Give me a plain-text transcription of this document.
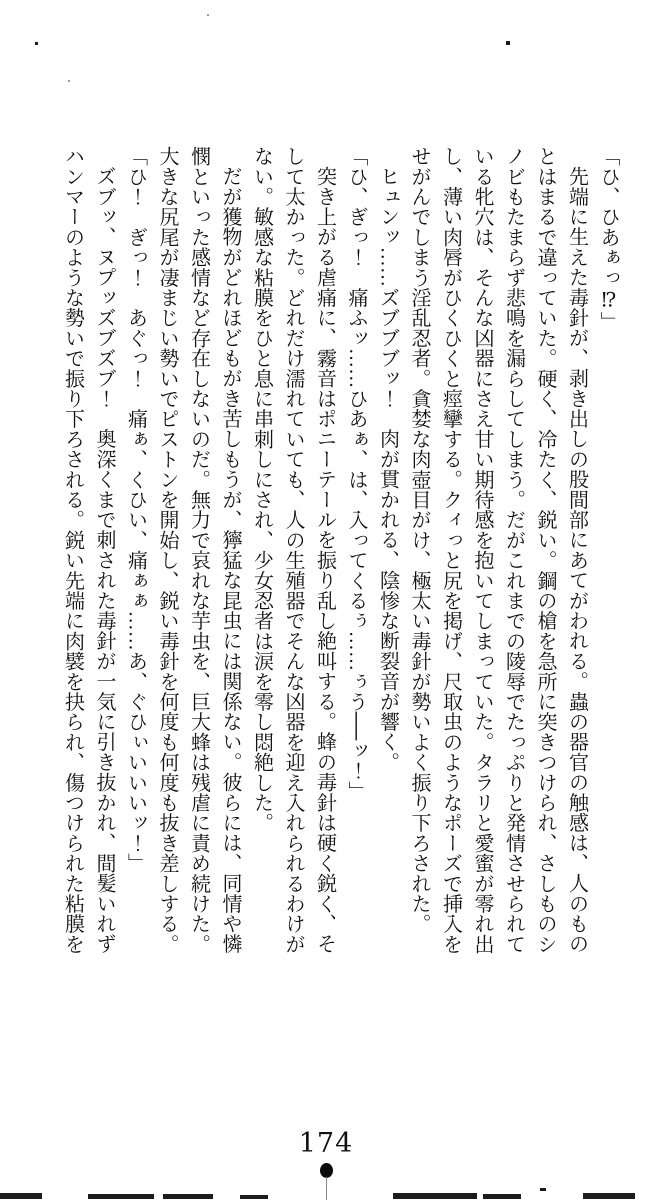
「ひ、ひあぁっ⁉」

先端に生えた毒針が、剥き出しの股間部にあてがわれる。蟲の器官の触感は、人のものとはまるで違っていた。硬く、冷たく、鋭い。鋼の槍を急所に突きつけられ、さしものシノビもたまらず悲鳴を漏らしてしまう。だがこれまでの陵辱でたっぷりと発情させられている牝穴は、そんな凶器にさえ甘い期待感を抱いてしまっていた。タラリと愛蜜が零れ出し、薄い肉唇がひくひくと痙攣する。クィっと尻を掲げ、尺取虫のようなポーズで挿入をせがんでしまう淫乱忍者。貪婪な肉壺目がけ、極太い毒針が勢いよく振り下ろされた。

ヒュンッ……ズブブブッ！　肉が貫かれる、陰惨な断裂音が響く。

「ひ、ぎっ！　痛ふッ……ひあぁ、は、入ってくるぅ……ぅう──ッ！」

突き上がる虐痛に、霧音はポニーテールを振り乱し絶叫する。蜂の毒針は硬く鋭く、そして太かった。どれだけ濡れていても、人の生殖器でそんな凶器を迎え入れられるわけがない。敏感な粘膜をひと息に串刺しにされ、少女忍者は涙を零し悶絶した。

だが獲物がどれほどもがき苦しもうが、獰猛な昆虫には関係ない。彼らには、同情や憐憫といった感情など存在しないのだ。無力で哀れな芋虫を、巨大蜂は残虐に責め続けた。大きな尻尾が凄まじい勢いでピストンを開始し、鋭い毒針を何度も何度も抜き差しする。

「ひ！　ぎっ！　あぐっ！　痛ぁ、くひい、痛ぁぁ……あ、ぐひぃいいいッ！」

ズブッ、ヌプッズブズブ！　奥深くまで刺された毒針が一気に引き抜かれ、間髪いれずハンマーのような勢いで振り下ろされる。鋭い先端に肉襞を抉られ、傷つけられた粘膜を

174
